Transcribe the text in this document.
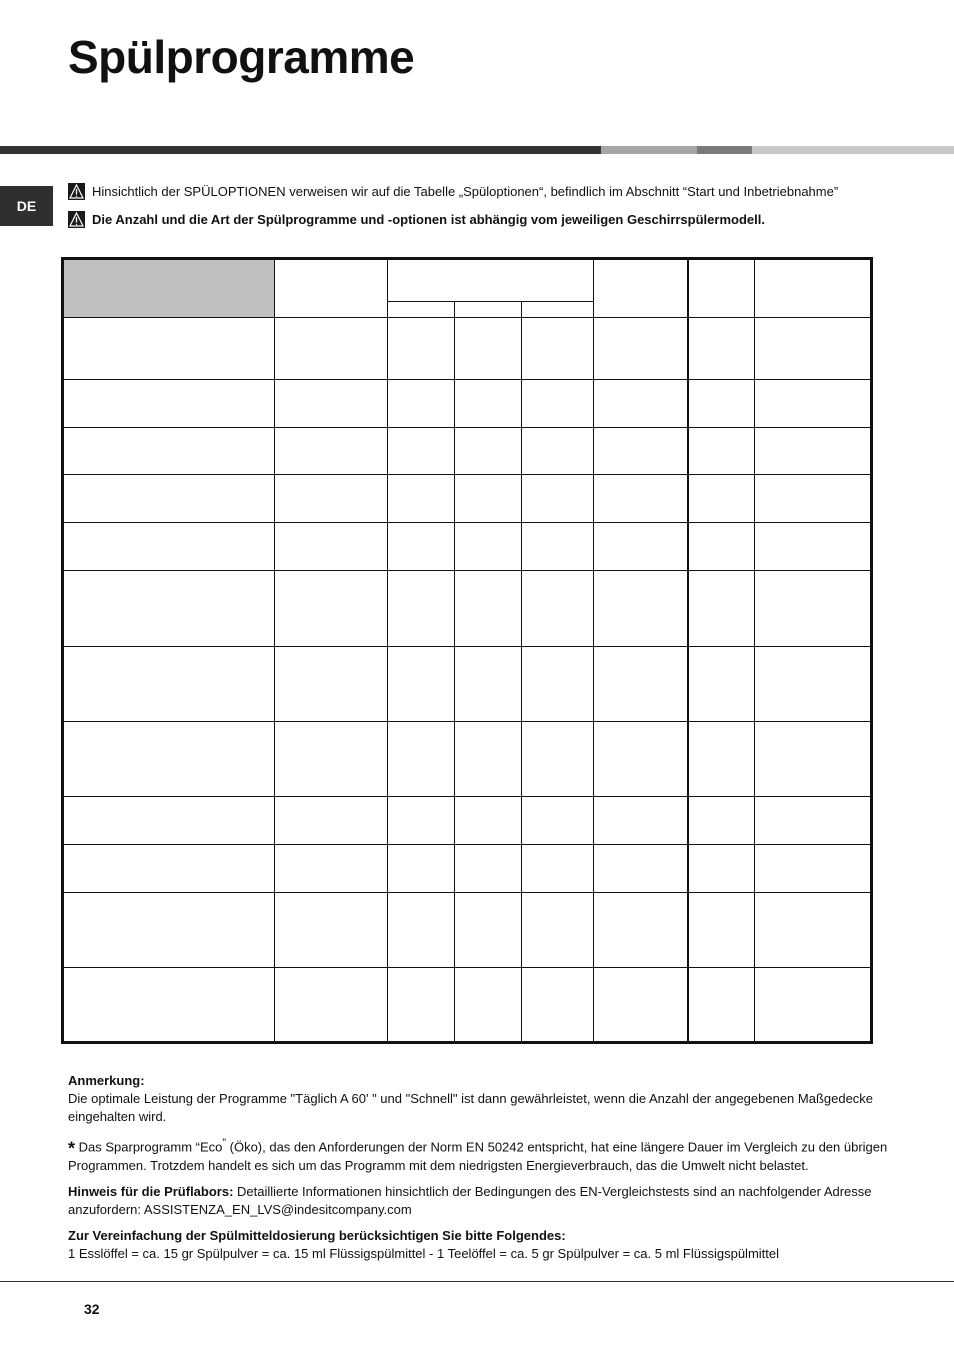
Spülprogramme
DE
Hinsichtlich der SPÜLOPTIONEN verweisen wir auf die Tabelle „Spüloptionen“, befindlich im Abschnitt “Start und Inbetriebnahme”
Die Anzahl und die Art der Spülprogramme und -optionen ist abhängig vom jeweiligen Geschirrspülermodell.

Anmerkung:
Die optimale Leistung der Programme "Täglich A 60' " und "Schnell" ist dann gewährleistet, wenn die Anzahl der angegebenen Maßgedecke eingehalten wird.

* Das Sparprogramm “Eco” (Öko), das den Anforderungen der Norm EN 50242 entspricht, hat eine längere Dauer im Vergleich zu den übrigen Programmen. Trotzdem handelt es sich um das Programm mit dem niedrigsten Energieverbrauch, das die Umwelt nicht belastet.

Hinweis für die Prüflabors: Detaillierte Informationen hinsichtlich der Bedingungen des EN-Vergleichstests sind an nachfolgender Adresse anzufordern: ASSISTENZA_EN_LVS@indesitcompany.com

Zur Vereinfachung der Spülmitteldosierung berücksichtigen Sie bitte Folgendes:
1 Esslöffel = ca. 15 gr Spülpulver = ca. 15 ml Flüssigspülmittel - 1 Teelöffel = ca. 5 gr Spülpulver = ca. 5 ml Flüssigspülmittel

32
